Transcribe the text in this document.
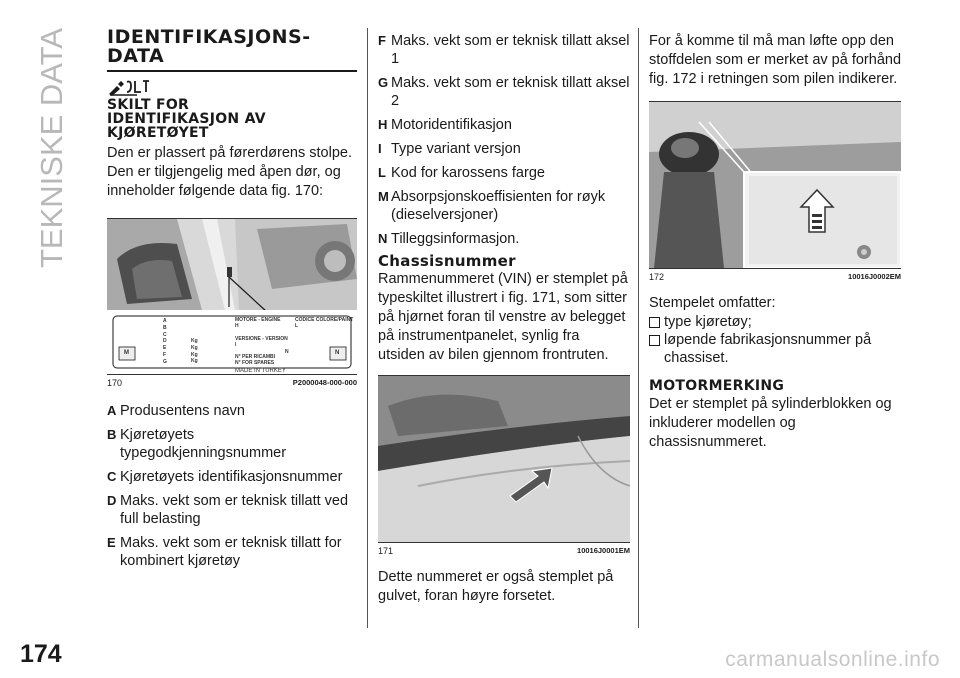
TEKNISKE DATA IDENTIFIKASJONS-DATA
SKILT FOR IDENTIFIKASJON AV KJØRETØYET

Den er plassert på førerdørens stolpe. Den er tilgjengelig med åpen dør, og inneholder følgende data fig. 170:

A
B
C
D
E
F
G
Kg
Kg
Kg
Kg
MOTORE - ENGINE
H
VERSIONE - VERSION
I
N° PER RICAMBI
N° FOR SPARES
MADE IN TURKEY
CODICE COLORE/PAINT
L
N
M	N
170	P2000048-000-000
A Produsentens navn
B Kjøretøyets typegodkjenningsnummer
C Kjøretøyets identifikasjonsnummer
D Maks. vekt som er teknisk tillatt ved full belasting
E Maks. vekt som er teknisk tillatt for kombinert kjøretøy
F Maks. vekt som er teknisk tillatt aksel 1
G Maks. vekt som er teknisk tillatt aksel 2
H Motoridentifikasjon
I Type variant versjon
L Kod for karossens farge
M Absorpsjonskoeffisienten for røyk (dieselversjoner)
N Tilleggsinformasjon.
Chassisnummer

Rammenummeret (VIN) er stemplet på typeskiltet illustrert i fig. 171, som sitter på hjørnet foran til venstre av belegget på instrumentpanelet, synlig fra utsiden av bilen gjennom frontruten.

171	10016J0001EM

Dette nummeret er også stemplet på gulvet, foran høyre forsetet.

For å komme til må man løfte opp den stoffdelen som er merket av på forhånd fig. 172 i retningen som pilen indikerer.

172	10016J0002EM

Stempelet omfatter:

type kjøretøy;
løpende fabrikasjonsnummer på chassiset.
MOTORMERKING

Det er stemplet på sylinderblokken og inkluderer modellen og chassisnummeret.

174	carmanualsonline.info
